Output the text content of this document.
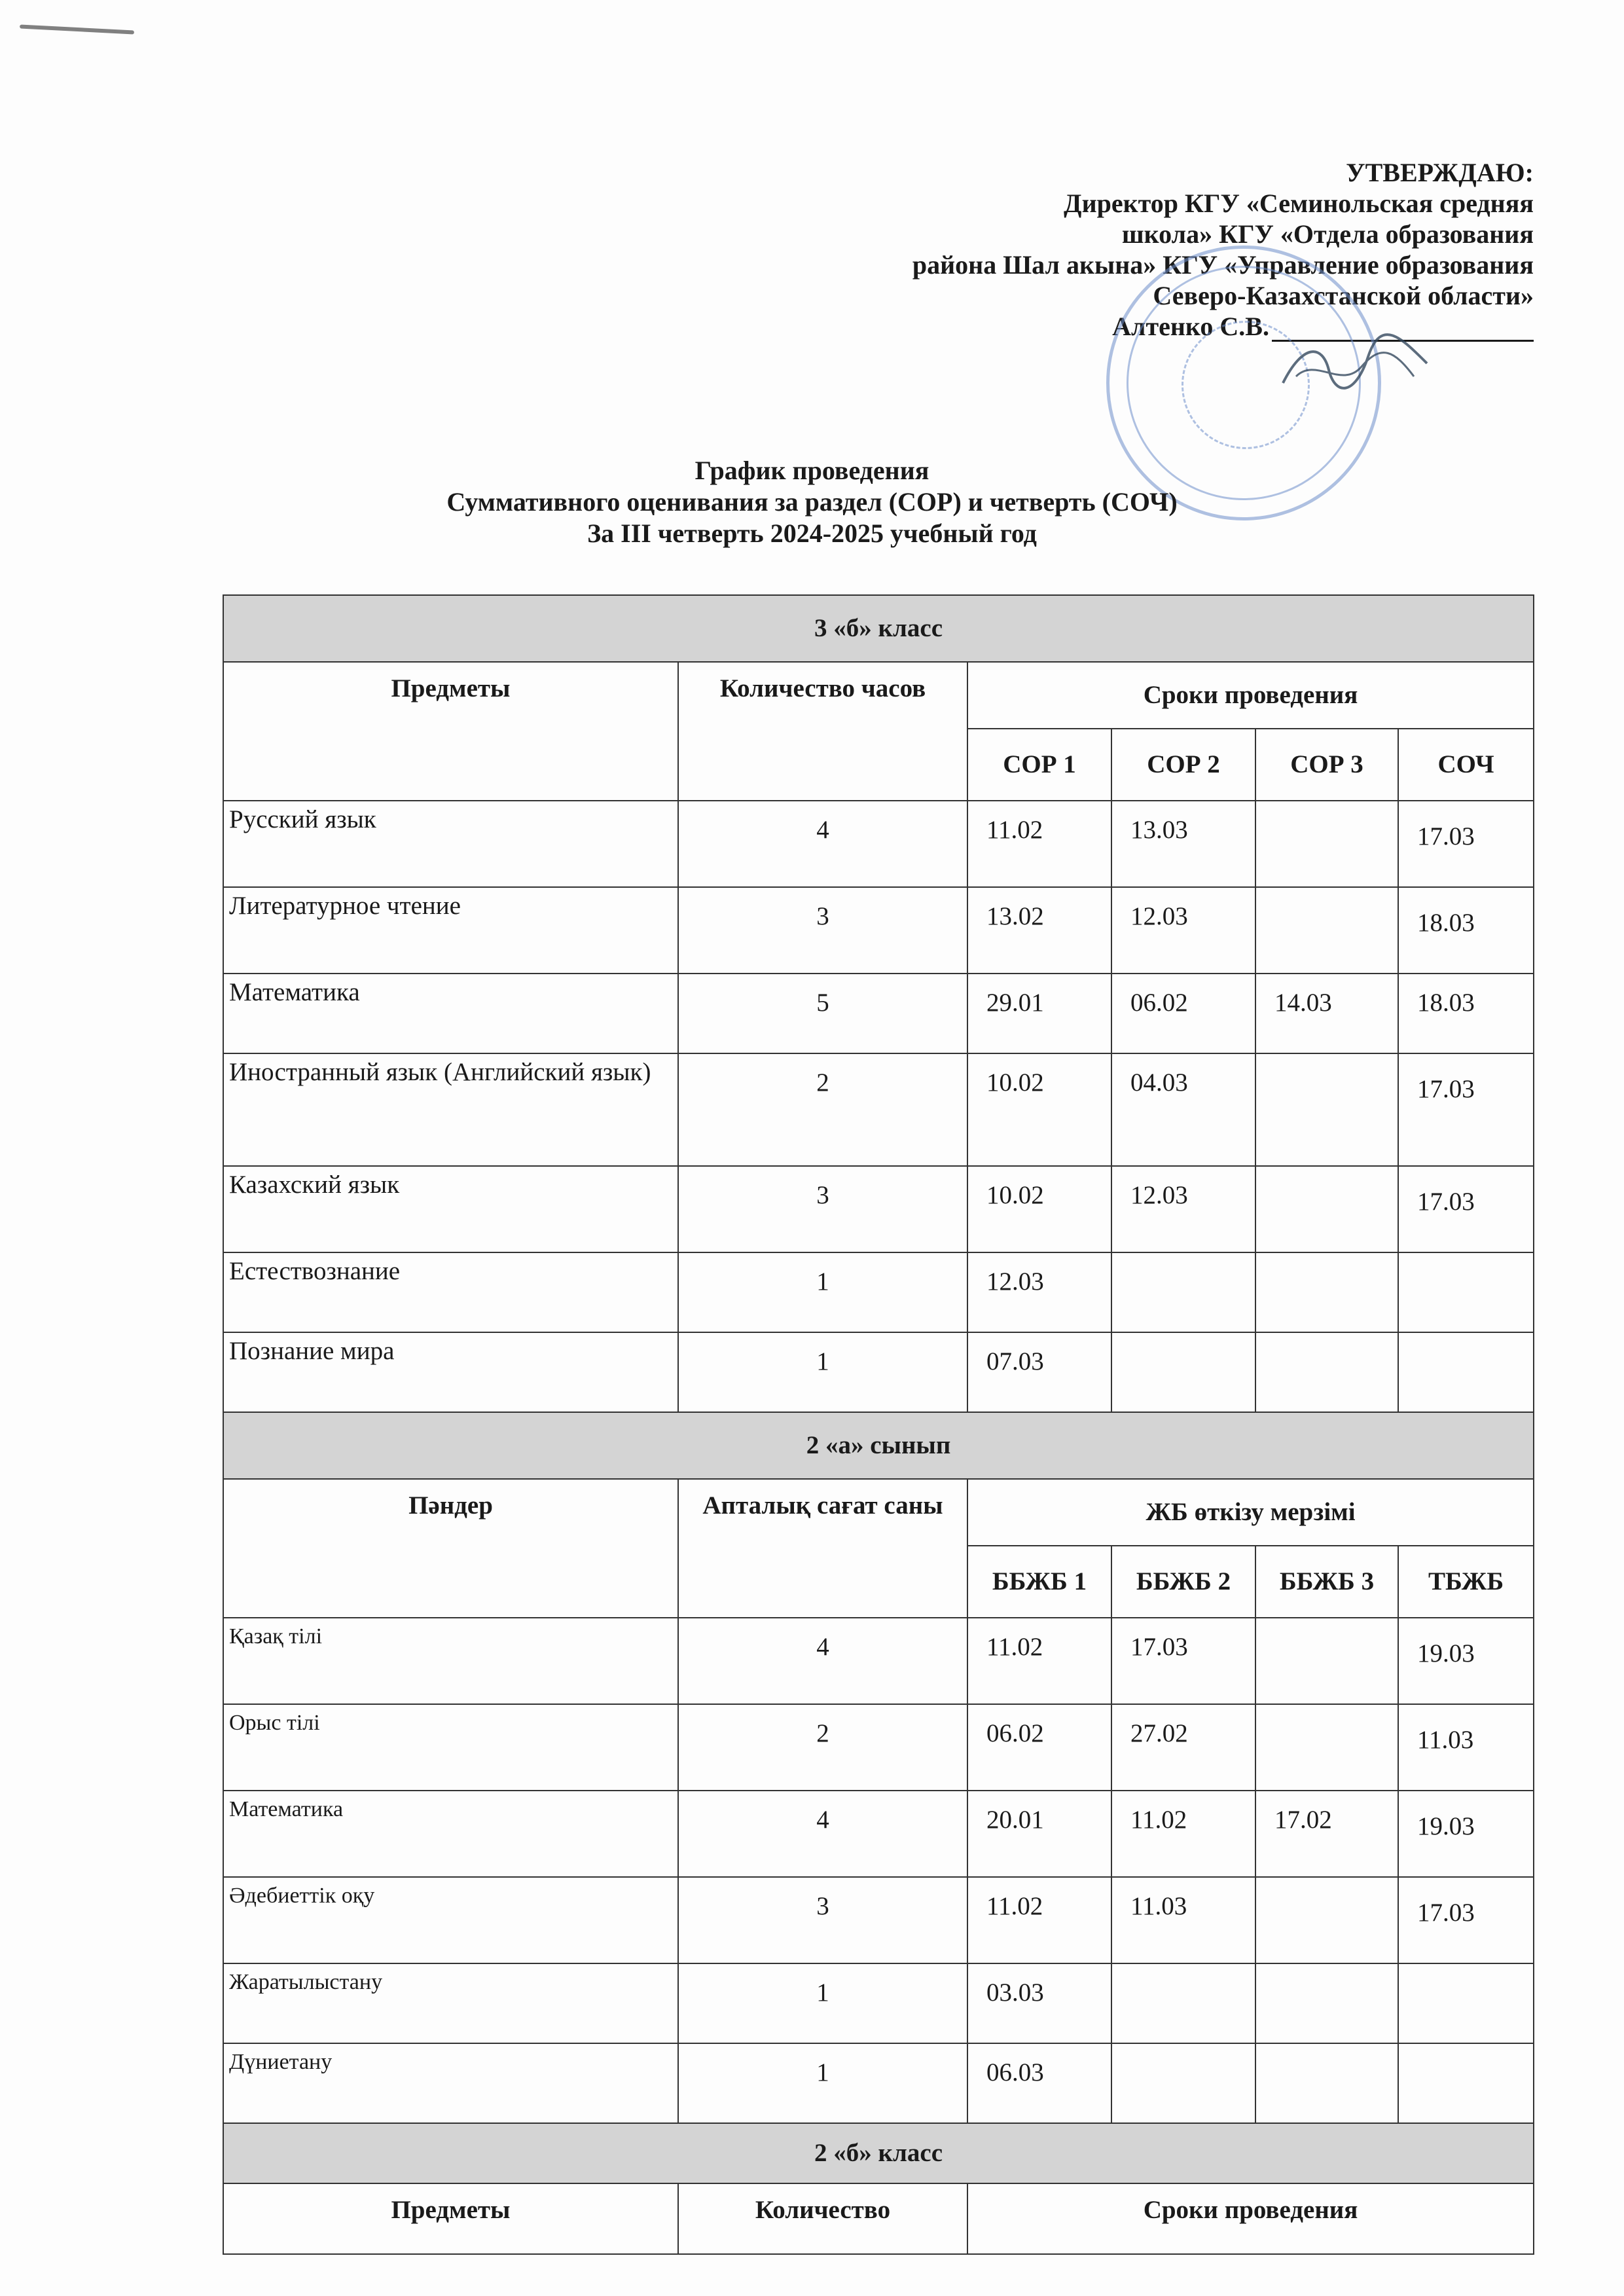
УТВЕРЖДАЮ:
Директор КГУ «Семинольская средняя
школа» КГУ «Отдела образования
района Шал акына» КГУ «Управление образования
Северо-Казахстанской области»
Алтенко С.В.
График проведения
Суммативного оценивания за раздел (СОР) и четверть (СОЧ)
За III четверть 2024-2025 учебный год
3 «б» класс					
Предметы	Количество часов	Сроки проведения			
		СОР 1	СОР 2	СОР 3	СОЧ
Русский язык	4	11.02	13.03		17.03
Литературное чтение	3	13.02	12.03		18.03
Математика	5	29.01	06.02	14.03	18.03
Иностранный язык (Английский язык)	2	10.02	04.03		17.03
Казахский язык	3	10.02	12.03		17.03
Естествознание	1	12.03			
Познание мира	1	07.03			
2 «а» сынып					
Пәндер	Апталық сағат саны	ЖБ өткізу мерзімі			
		ББЖБ 1	ББЖБ 2	ББЖБ 3	ТБЖБ
Қазақ тілі	4	11.02	17.03		19.03
Орыс тілі	2	06.02	27.02		11.03
Математика	4	20.01	11.02	17.02	19.03
Әдебиеттік оқу	3	11.02	11.03		17.03
Жаратылыстану	1	03.03			
Дүниетану	1	06.03			
2 «б» класс					
Предметы	Количество	Сроки проведения			
